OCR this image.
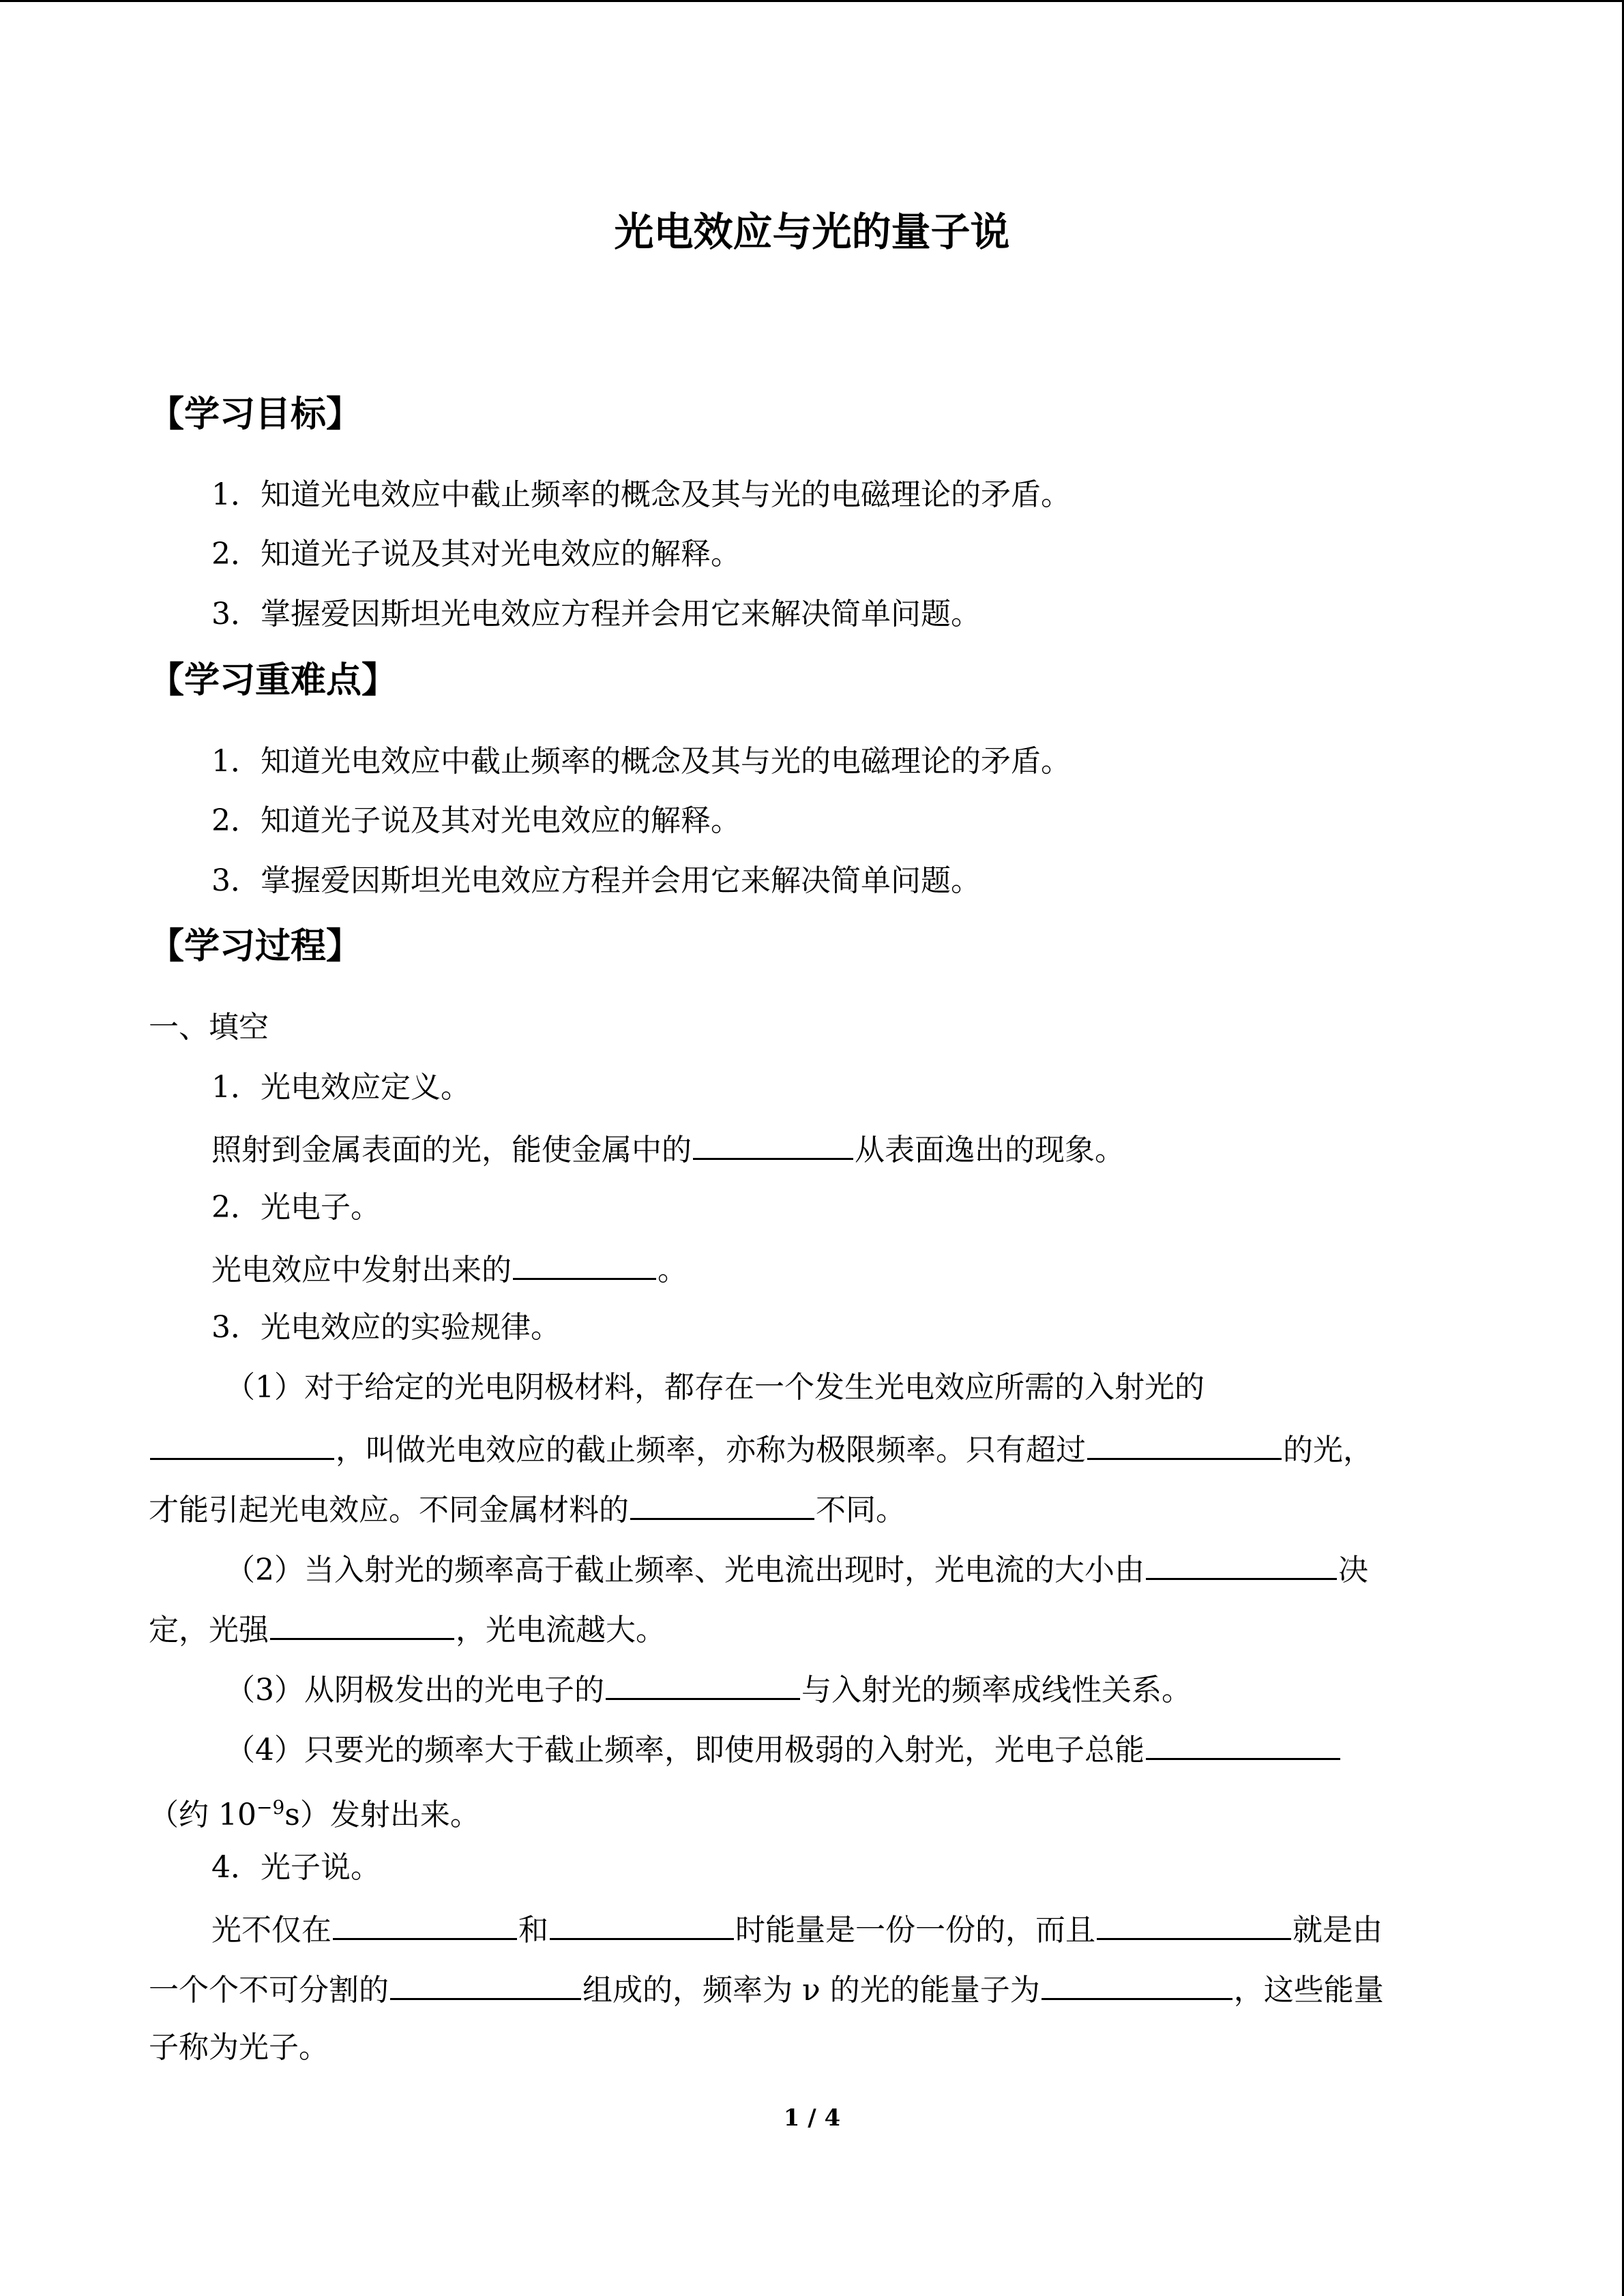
光电效应与光的量子说
【学习目标】
1．知道光电效应中截止频率的概念及其与光的电磁理论的矛盾。
2．知道光子说及其对光电效应的解释。
3．掌握爱因斯坦光电效应方程并会用它来解决简单问题。
【学习重难点】
1．知道光电效应中截止频率的概念及其与光的电磁理论的矛盾。
2．知道光子说及其对光电效应的解释。
3．掌握爱因斯坦光电效应方程并会用它来解决简单问题。
【学习过程】
一、填空
1．光电效应定义。
照射到金属表面的光，能使金属中的	从表面逸出的现象。
2．光电子。
光电效应中发射出来的	。
3．光电效应的实验规律。
（1）对于给定的光电阴极材料，都存在一个发生光电效应所需的入射光的
，叫做光电效应的截止频率，亦称为极限频率。只有超过	的光，
才能引起光电效应。不同金属材料的	不同。
（2）当入射光的频率高于截止频率、光电流出现时，光电流的大小由	决
定，光强	，光电流越大。
（3）从阴极发出的光电子的	与入射光的频率成线性关系。
（4）只要光的频率大于截止频率，即使用极弱的入射光，光电子总能
（约 $10^{-9}s$）发射出来。
4．光子说。
光不仅在	和	时能量是一份一份的，而且	就是由
一个个不可分割的	组成的，频率为 ν 的光的能量子为	，这些能量
子称为光子。
1 / 4
